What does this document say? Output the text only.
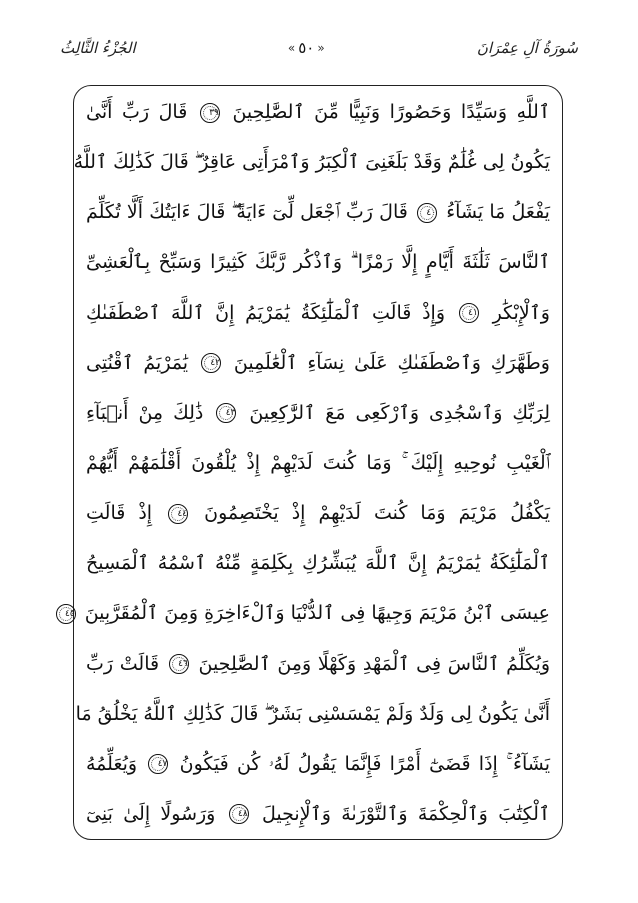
الجُزْءُ الثَّالِثُ	« ٥٠ »	سُورَةُ آلِ عِمْرَانَ
ٱللَّهِ وَسَيِّدًا وَحَصُورًا وَنَبِيًّا مِّنَ ٱلصَّٰلِحِينَ ٣٩ قَالَ رَبِّ أَنَّىٰ
يَكُونُ لِى غُلَٰمٌ وَقَدْ بَلَغَنِىَ ٱلْكِبَرُ وَٱمْرَأَتِى عَاقِرٌ ۖ قَالَ كَذَٰلِكَ ٱللَّهُ
يَفْعَلُ مَا يَشَآءُ ٤٠ قَالَ رَبِّ ٱجْعَل لِّىٓ ءَايَةً ۖ قَالَ ءَايَتُكَ أَلَّا تُكَلِّمَ
ٱلنَّاسَ ثَلَٰثَةَ أَيَّامٍ إِلَّا رَمْزًا ۗ وَٱذْكُر رَّبَّكَ كَثِيرًا وَسَبِّحْ بِٱلْعَشِىِّ
وَٱلْإِبْكَٰرِ ٤١ وَإِذْ قَالَتِ ٱلْمَلَٰٓئِكَةُ يَٰمَرْيَمُ إِنَّ ٱللَّهَ ٱصْطَفَىٰكِ
وَطَهَّرَكِ وَٱصْطَفَىٰكِ عَلَىٰ نِسَآءِ ٱلْعَٰلَمِينَ ٤٢ يَٰمَرْيَمُ ٱقْنُتِى
لِرَبِّكِ وَٱسْجُدِى وَٱرْكَعِى مَعَ ٱلرَّٰكِعِينَ ٤٣ ذَٰلِكَ مِنْ أَنۢبَآءِ
ٱلْغَيْبِ نُوحِيهِ إِلَيْكَ ۚ وَمَا كُنتَ لَدَيْهِمْ إِذْ يُلْقُونَ أَقْلَٰمَهُمْ أَيُّهُمْ
يَكْفُلُ مَرْيَمَ وَمَا كُنتَ لَدَيْهِمْ إِذْ يَخْتَصِمُونَ ٤٤ إِذْ قَالَتِ
ٱلْمَلَٰٓئِكَةُ يَٰمَرْيَمُ إِنَّ ٱللَّهَ يُبَشِّرُكِ بِكَلِمَةٍ مِّنْهُ ٱسْمُهُ ٱلْمَسِيحُ
عِيسَى ٱبْنُ مَرْيَمَ وَجِيهًا فِى ٱلدُّنْيَا وَٱلْءَاخِرَةِ وَمِنَ ٱلْمُقَرَّبِينَ ٤٥
وَيُكَلِّمُ ٱلنَّاسَ فِى ٱلْمَهْدِ وَكَهْلًا وَمِنَ ٱلصَّٰلِحِينَ ٤٦ قَالَتْ رَبِّ
أَنَّىٰ يَكُونُ لِى وَلَدٌ وَلَمْ يَمْسَسْنِى بَشَرٌ ۖ قَالَ كَذَٰلِكِ ٱللَّهُ يَخْلُقُ مَا
يَشَآءُ ۚ إِذَا قَضَىٰٓ أَمْرًا فَإِنَّمَا يَقُولُ لَهُۥ كُن فَيَكُونُ ٤٧ وَيُعَلِّمُهُ
ٱلْكِتَٰبَ وَٱلْحِكْمَةَ وَٱلتَّوْرَىٰةَ وَٱلْإِنجِيلَ ٤٨ وَرَسُولًا إِلَىٰ بَنِىٓ
